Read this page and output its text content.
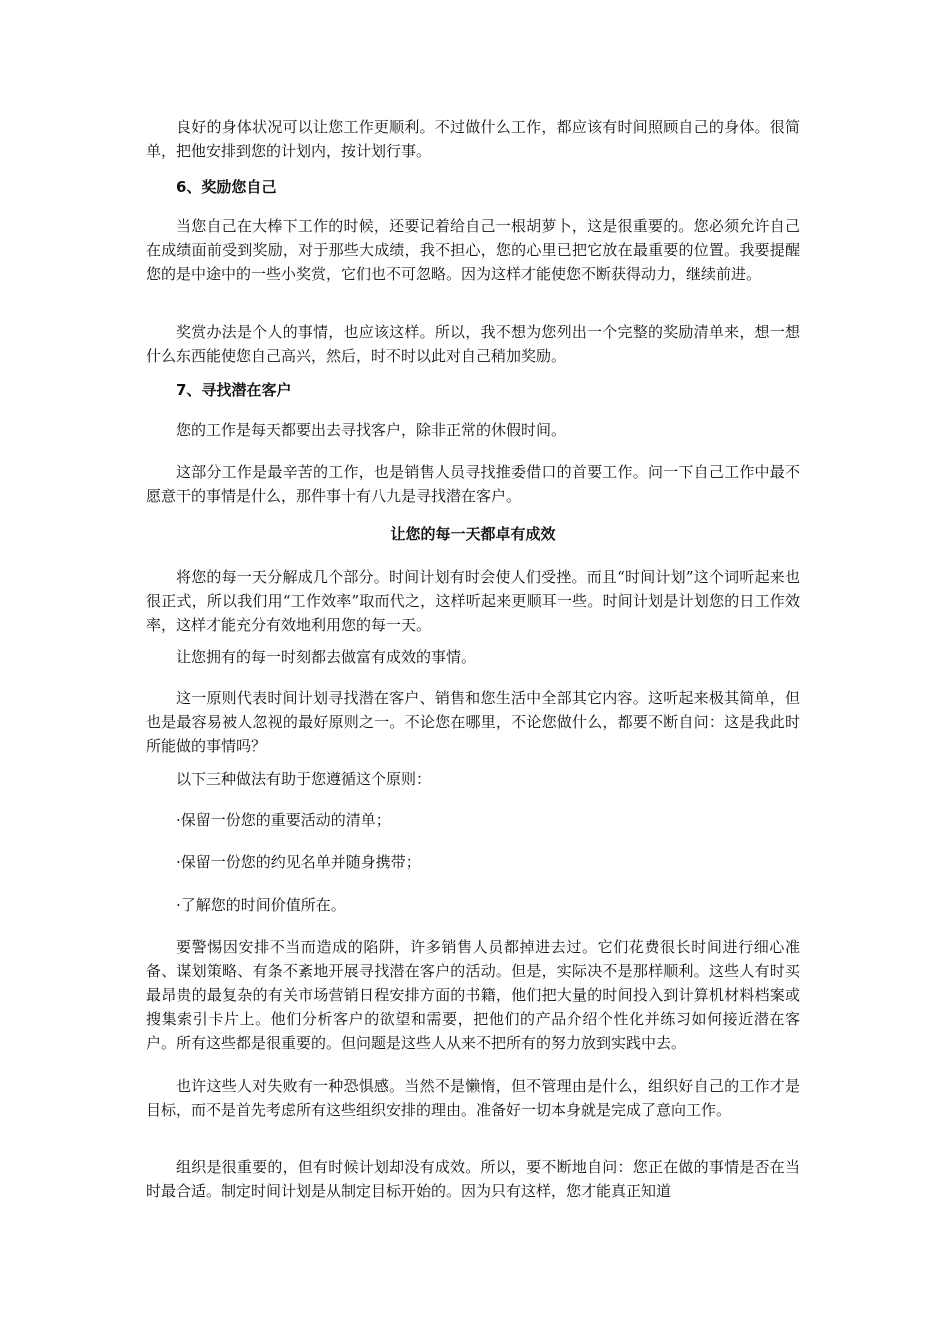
良好的身体状况可以让您工作更顺利。不过做什么工作，都应该有时间照顾自己的身体。很简单，把他安排到您的计划内，按计划行事。

6、奖励您自己

当您自己在大棒下工作的时候，还要记着给自己一根胡萝卜，这是很重要的。您必须允许自己在成绩面前受到奖励，对于那些大成绩，我不担心，您的心里已把它放在最重要的位置。我要提醒您的是中途中的一些小奖赏，它们也不可忽略。因为这样才能使您不断获得动力，继续前进。

奖赏办法是个人的事情，也应该这样。所以，我不想为您列出一个完整的奖励清单来，想一想什么东西能使您自己高兴，然后，时不时以此对自己稍加奖励。

7、寻找潜在客户

您的工作是每天都要出去寻找客户，除非正常的休假时间。

这部分工作是最辛苦的工作，也是销售人员寻找推委借口的首要工作。问一下自己工作中最不愿意干的事情是什么，那件事十有八九是寻找潜在客户。

让您的每一天都卓有成效

将您的每一天分解成几个部分。时间计划有时会使人们受挫。而且“时间计划”这个词听起来也很正式，所以我们用“工作效率”取而代之，这样听起来更顺耳一些。时间计划是计划您的日工作效率，这样才能充分有效地利用您的每一天。

让您拥有的每一时刻都去做富有成效的事情。

这一原则代表时间计划寻找潜在客户、销售和您生活中全部其它内容。这听起来极其简单，但也是最容易被人忽视的最好原则之一。不论您在哪里，不论您做什么，都要不断自问：这是我此时所能做的事情吗？

以下三种做法有助于您遵循这个原则：

·保留一份您的重要活动的清单；

·保留一份您的约见名单并随身携带；

·了解您的时间价值所在。

要警惕因安排不当而造成的陷阱，许多销售人员都掉进去过。它们花费很长时间进行细心准备、谋划策略、有条不紊地开展寻找潜在客户的活动。但是，实际决不是那样顺利。这些人有时买最昂贵的最复杂的有关市场营销日程安排方面的书籍，他们把大量的时间投入到计算机材料档案或搜集索引卡片上。他们分析客户的欲望和需要，把他们的产品介绍个性化并练习如何接近潜在客户。所有这些都是很重要的。但问题是这些人从来不把所有的努力放到实践中去。

也许这些人对失败有一种恐惧感。当然不是懒惰，但不管理由是什么，组织好自己的工作才是目标，而不是首先考虑所有这些组织安排的理由。准备好一切本身就是完成了意向工作。

组织是很重要的，但有时候计划却没有成效。所以，要不断地自问：您正在做的事情是否在当时最合适。制定时间计划是从制定目标开始的。因为只有这样，您才能真正知道
